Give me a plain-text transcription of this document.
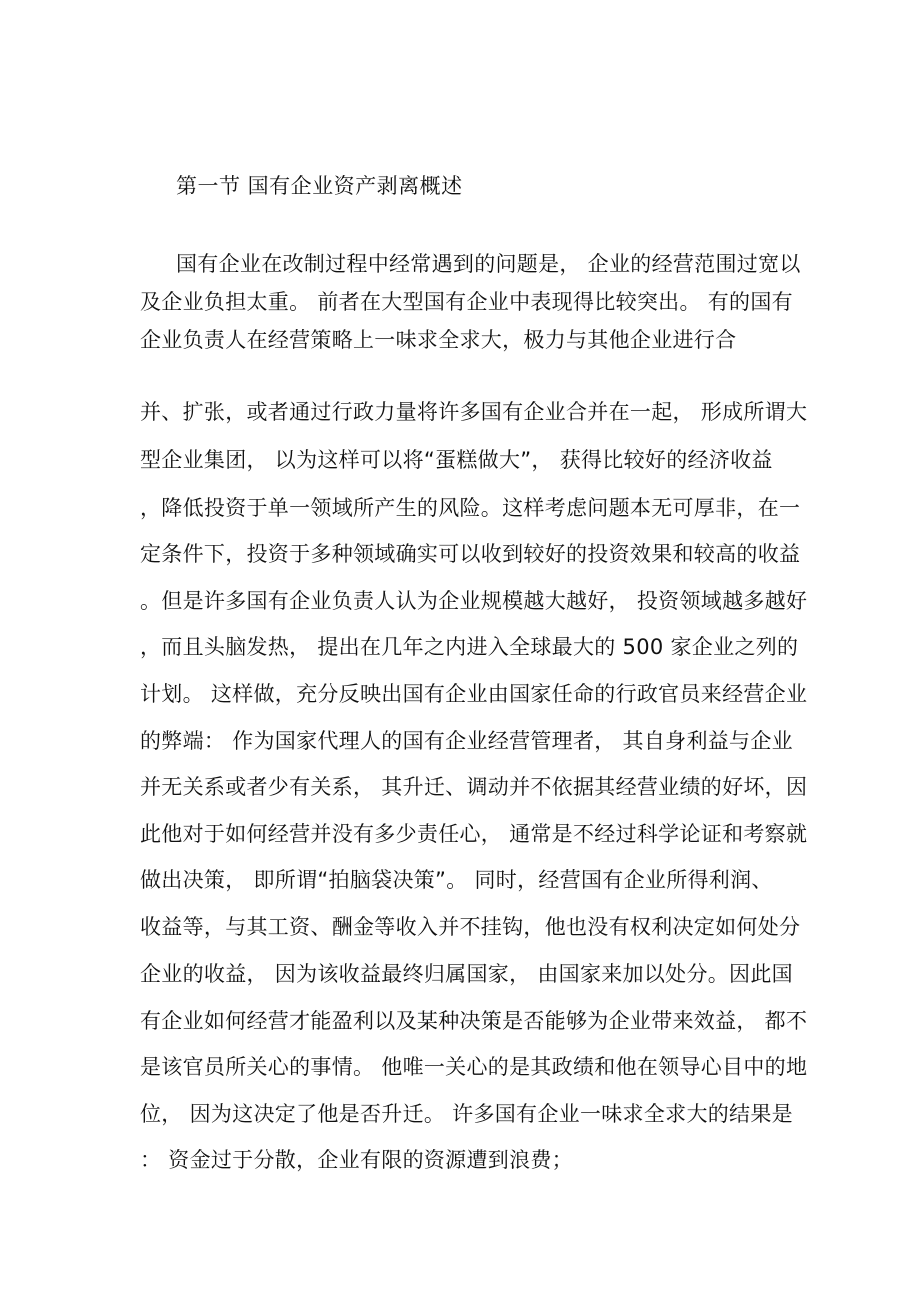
第一节 国有企业资产剥离概述
国有企业在改制过程中经常遇到的问题是， 企业的经营范围过宽以
及企业负担太重。 前者在大型国有企业中表现得比较突出。 有的国有
企业负责人在经营策略上一味求全求大，极力与其他企业进行合
并、扩张，或者通过行政力量将许多国有企业合并在一起， 形成所谓大
型企业集团， 以为这样可以将“蛋糕做大”， 获得比较好的经济收益
，降低投资于单一领域所产生的风险。这样考虑问题本无可厚非，在一
定条件下，投资于多种领域确实可以收到较好的投资效果和较高的收益
。但是许多国有企业负责人认为企业规模越大越好， 投资领域越多越好
，而且头脑发热， 提出在几年之内进入全球最大的 500 家企业之列的
计划。 这样做，充分反映出国有企业由国家任命的行政官员来经营企业
的弊端： 作为国家代理人的国有企业经营管理者， 其自身利益与企业
并无关系或者少有关系， 其升迁、调动并不依据其经营业绩的好坏，因
此他对于如何经营并没有多少责任心， 通常是不经过科学论证和考察就
做出决策， 即所谓“拍脑袋决策”。 同时，经营国有企业所得利润、
收益等，与其工资、酬金等收入并不挂钩，他也没有权利决定如何处分
企业的收益， 因为该收益最终归属国家， 由国家来加以处分。因此国
有企业如何经营才能盈利以及某种决策是否能够为企业带来效益， 都不
是该官员所关心的事情。 他唯一关心的是其政绩和他在领导心目中的地
位， 因为这决定了他是否升迁。 许多国有企业一味求全求大的结果是
： 资金过于分散，企业有限的资源遭到浪费；
